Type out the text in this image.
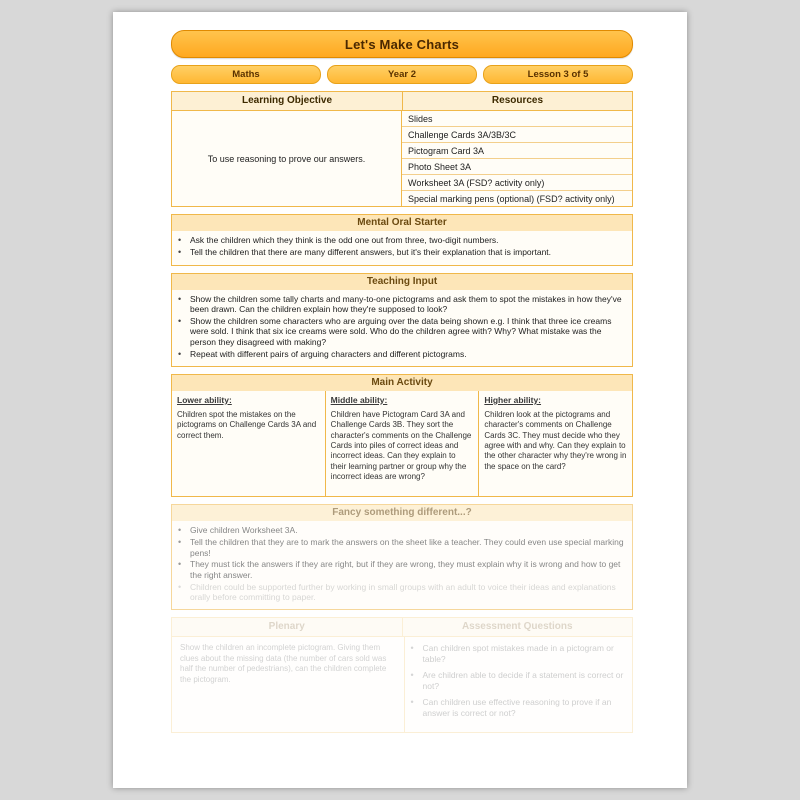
Let's Make Charts
Maths	Year 2	Lesson 3 of 5
Learning Objective	Resources
To use reasoning to prove our answers.
Slides
Challenge Cards 3A/3B/3C
Pictogram Card 3A
Photo Sheet 3A
Worksheet 3A (FSD? activity only)
Special marking pens (optional) (FSD? activity only)
Mental Oral Starter
•	Ask the children which they think is the odd one out from three, two-digit numbers.
•	Tell the children that there are many different answers, but it's their explanation that is important.
Teaching Input
•	Show the children some tally charts and many-to-one pictograms and ask them to spot the mistakes in how they've been drawn. Can the children explain how they're supposed to look?
•	Show the children some characters who are arguing over the data being shown e.g. I think that three ice creams were sold. I think that six ice creams were sold. Who do the children agree with? Why? What mistake was the person they disagreed with making?
•	Repeat with different pairs of arguing characters and different pictograms.
Main Activity
Lower ability:
Children spot the mistakes on the pictograms on Challenge Cards 3A and correct them.
Middle ability:
Children have Pictogram Card 3A and Challenge Cards 3B. They sort the character's comments on the Challenge Cards into piles of correct ideas and incorrect ideas. Can they explain to their learning partner or group why the incorrect ideas are wrong?
Higher ability:
Children look at the pictograms and character's comments on Challenge Cards 3C. They must decide who they agree with and why. Can they explain to the other character why they're wrong in the space on the card?
Fancy something different...?
•	Give children Worksheet 3A.
•	Tell the children that they are to mark the answers on the sheet like a teacher. They could even use special marking pens!
•	They must tick the answers if they are right, but if they are wrong, they must explain why it is wrong and how to get the right answer.
•	Children could be supported further by working in small groups with an adult to voice their ideas and explanations orally before committing to paper.
Plenary	Assessment Questions
Show the children an incomplete pictogram. Giving them clues about the missing data (the number of cars sold was half the number of pedestrians), can the children complete the pictogram.
•	Can children spot mistakes made in a pictogram or table?
•	Are children able to decide if a statement is correct or not?
•	Can children use effective reasoning to prove if an answer is correct or not?
